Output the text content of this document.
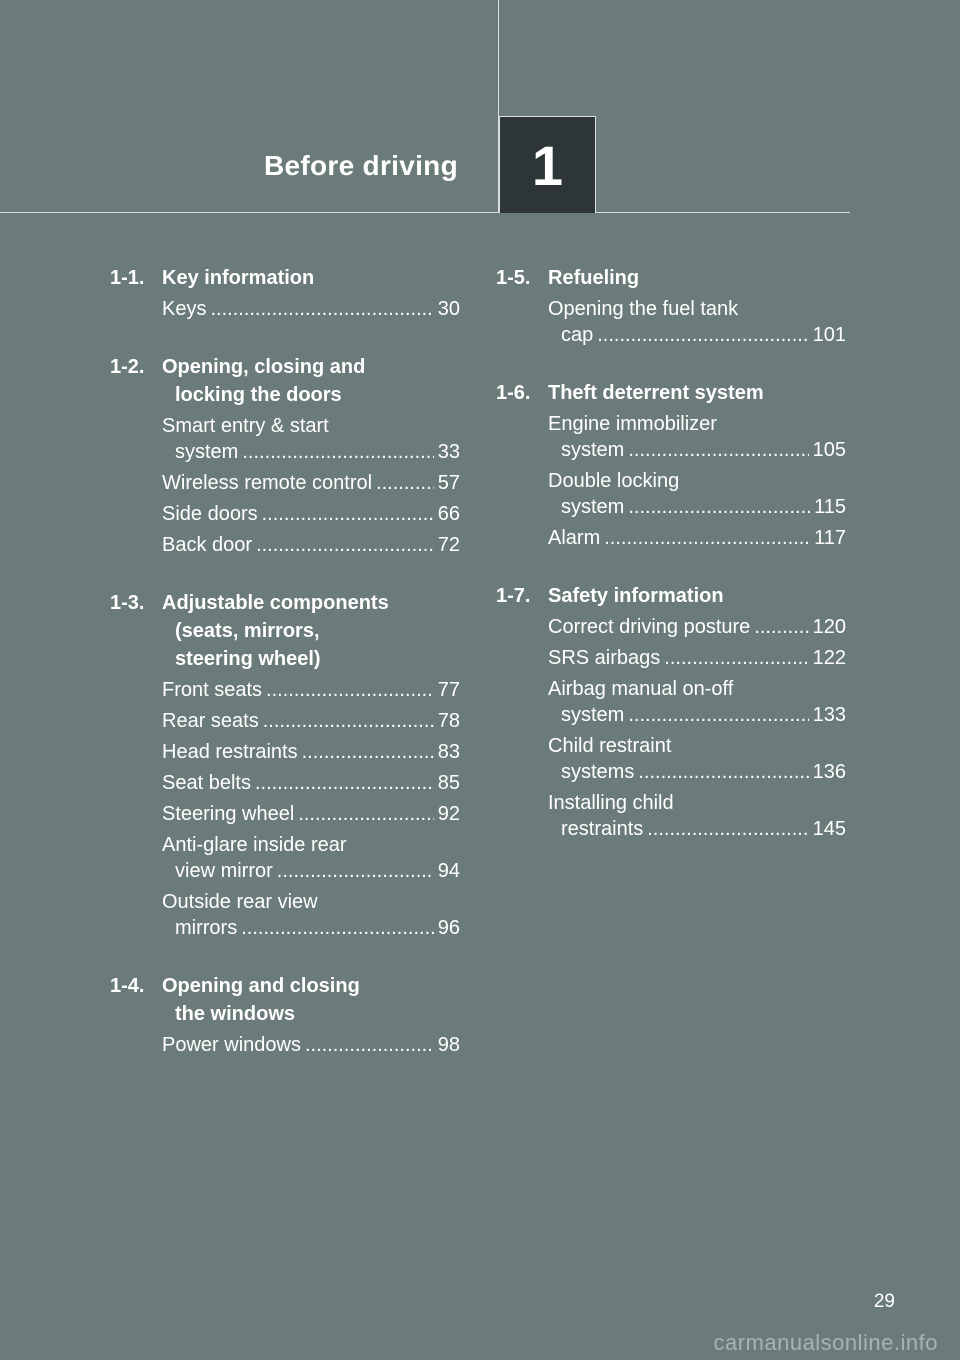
Before driving 1
1-1. Key information
Keys .....	30
1-2. Opening, closing and
locking the doors
Smart entry & start
system .....	33
Wireless remote control .....	57
Side doors .....	66
Back door .....	72
1-3. Adjustable components
(seats, mirrors,
steering wheel)
Front seats .....	77
Rear seats .....	78
Head restraints .....	83
Seat belts .....	85
Steering wheel .....	92
Anti-glare inside rear
view mirror .....	94
Outside rear view
mirrors .....	96
1-4. Opening and closing
the windows
Power windows .....	98
1-5. Refueling
Opening the fuel tank
cap .....	101
1-6. Theft deterrent system
Engine immobilizer
system .....	105
Double locking
system .....	115
Alarm .....	117
1-7. Safety information
Correct driving posture .....	120
SRS airbags .....	122
Airbag manual on-off
system .....	133
Child restraint
systems .....	136
Installing child
restraints .....	145
29
carmanualsonline.info
